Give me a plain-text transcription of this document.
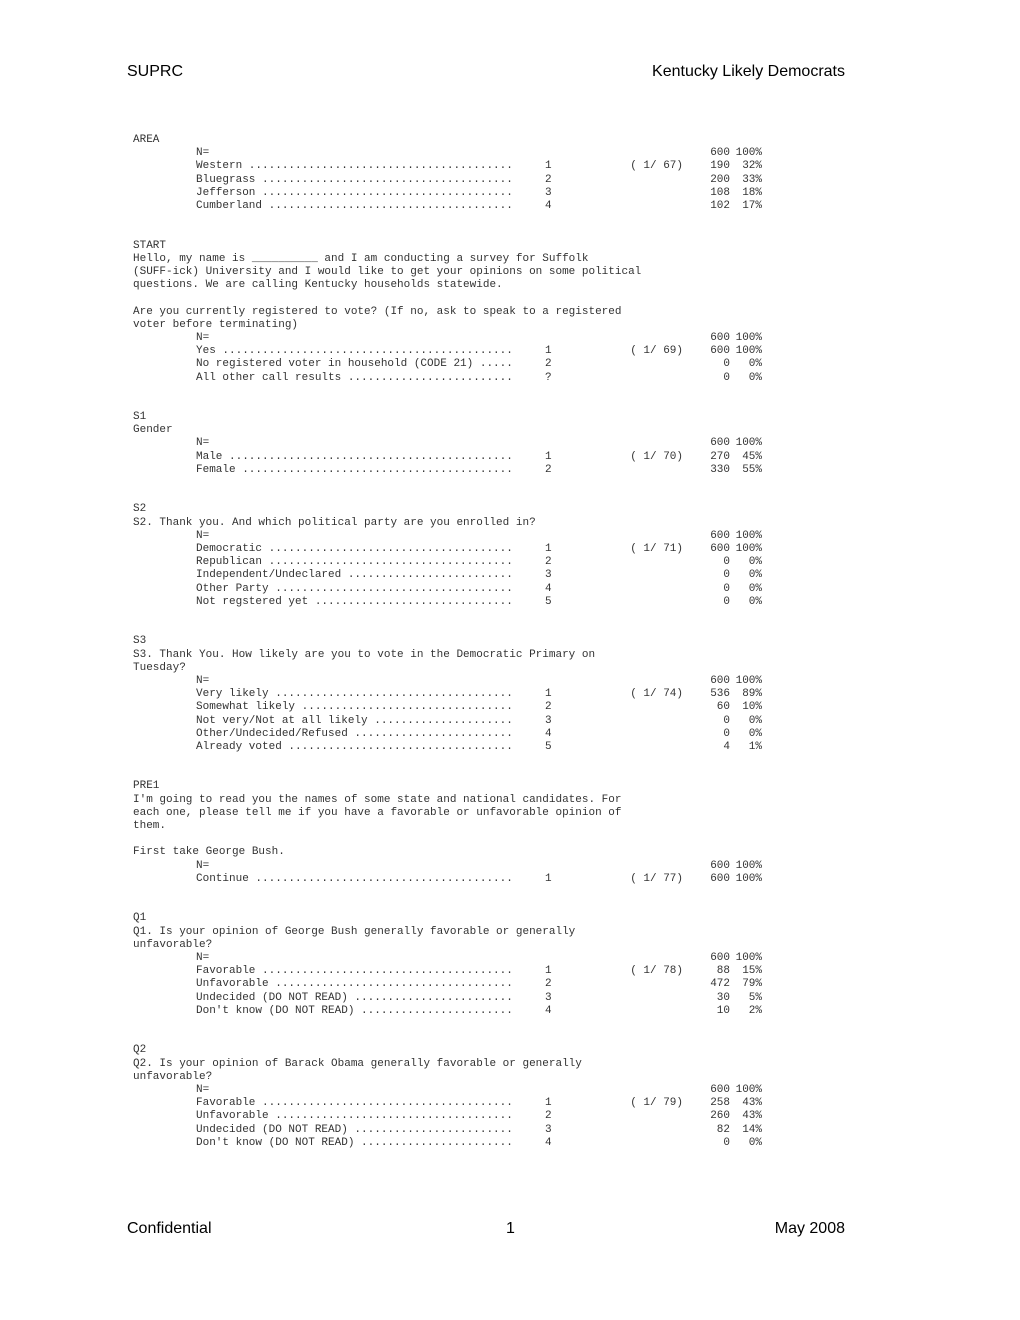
SUPRC	Kentucky Likely Democrats
AREA
N=	600 100%
Western ........................................	1	( 1/ 67)	190	32%
Bluegrass ......................................	2	200	33%
Jefferson ......................................	3	108	18%
Cumberland .....................................	4	102	17%
START
Hello, my name is __________ and I am conducting a survey for Suffolk
(SUFF-ick) University and I would like to get your opinions on some political
questions. We are calling Kentucky households statewide.
Are you currently registered to vote? (If no, ask to speak to a registered
voter before terminating)
N=	600 100%
Yes ............................................	1	( 1/ 69)	600 100%
No registered voter in household (CODE 21) .....	2	0	0%
All other call results .........................	?	0	0%
S1
Gender
N=	600 100%
Male ...........................................	1	( 1/ 70)	270	45%
Female .........................................	2	330	55%
S2
S2. Thank you. And which political party are you enrolled in?
N=	600 100%
Democratic .....................................	1	( 1/ 71)	600 100%
Republican .....................................	2	0	0%
Independent/Undeclared .........................	3	0	0%
Other Party ....................................	4	0	0%
Not regstered yet ..............................	5	0	0%
S3
S3. Thank You. How likely are you to vote in the Democratic Primary on
Tuesday?
N=	600 100%
Very likely ....................................	1	( 1/ 74)	536	89%
Somewhat likely ................................	2	60	10%
Not very/Not at all likely .....................	3	0	0%
Other/Undecided/Refused ........................	4	0	0%
Already voted ..................................	5	4	1%
PRE1
I'm going to read you the names of some state and national candidates. For
each one, please tell me if you have a favorable or unfavorable opinion of
them.
First take George Bush.
N=	600 100%
Continue .......................................	1	( 1/ 77)	600 100%
Q1
Q1. Is your opinion of George Bush generally favorable or generally
unfavorable?
N=	600 100%
Favorable ......................................	1	( 1/ 78)	88	15%
Unfavorable ....................................	2	472	79%
Undecided (DO NOT READ) ........................	3	30	5%
Don't know (DO NOT READ) .......................	4	10	2%
Q2
Q2. Is your opinion of Barack Obama generally favorable or generally
unfavorable?
N=	600 100%
Favorable ......................................	1	( 1/ 79)	258	43%
Unfavorable ....................................	2	260	43%
Undecided (DO NOT READ) ........................	3	82	14%
Don't know (DO NOT READ) .......................	4	0	0%
Confidential	1	May 2008
